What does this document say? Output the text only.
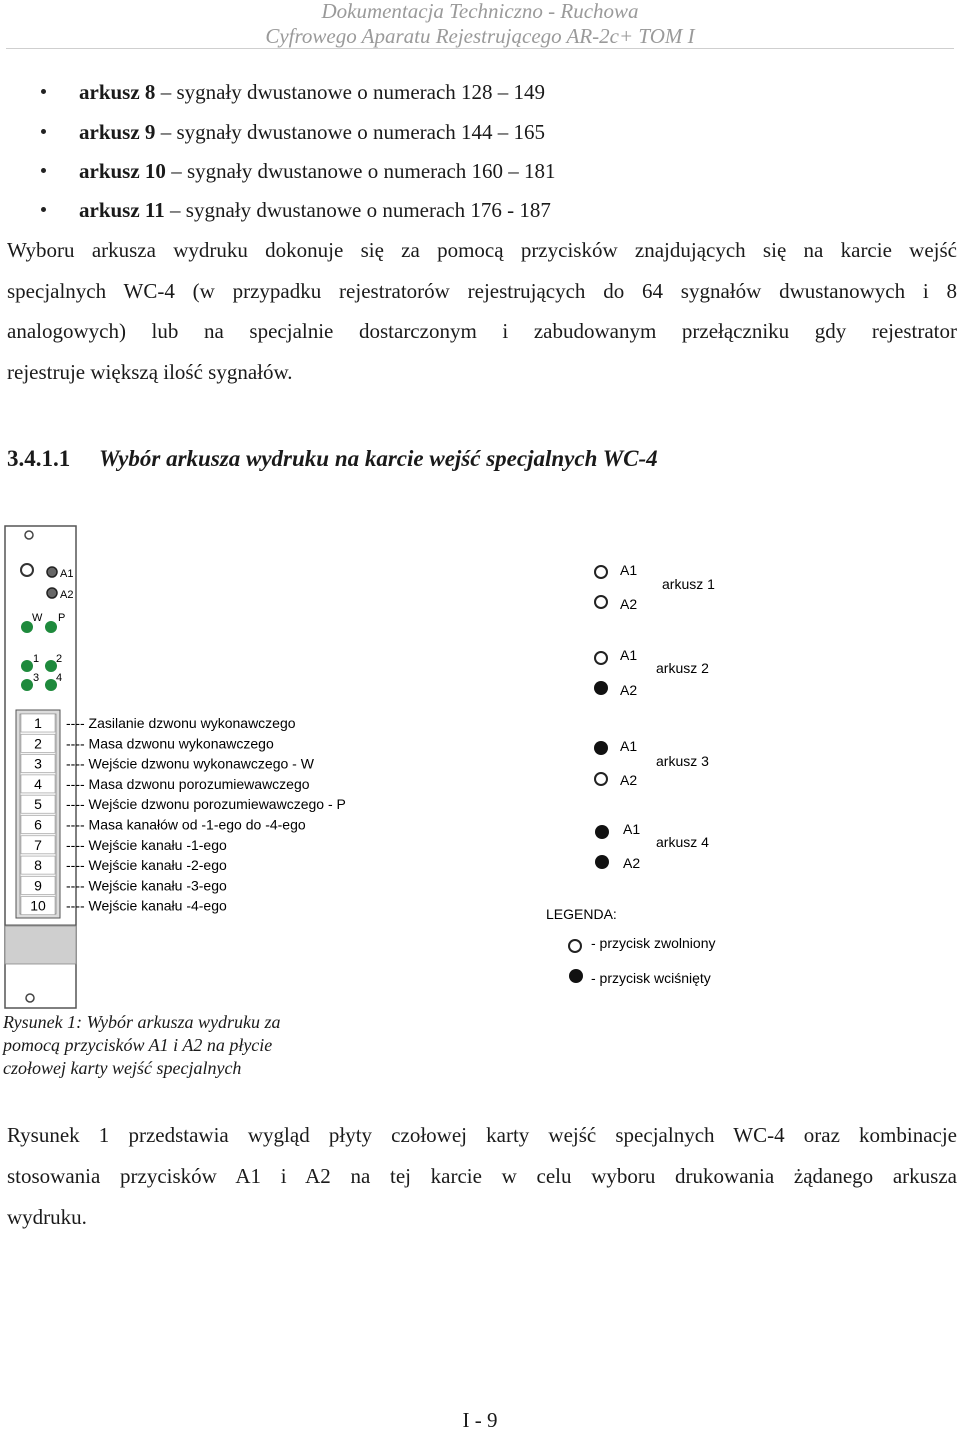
Dokumentacja Techniczno - Ruchowa
Cyfrowego Aparatu Rejestrującego AR-2c+ TOM I
arkusz 8 – sygnały dwustanowe o numerach 128 – 149
arkusz 9 – sygnały dwustanowe o numerach 144 – 165
arkusz 10 – sygnały dwustanowe o numerach 160 – 181
arkusz 11 – sygnały dwustanowe o numerach 176 - 187
Wyboru arkusza wydruku dokonuje się za pomocą przycisków znajdujących się na karcie wejść
specjalnych WC-4 (w przypadku rejestratorów rejestrujących do 64 sygnałów dwustanowych i 8
analogowych) lub na specjalnie dostarczonym i zabudowanym przełączniku gdy rejestrator
rejestruje większą ilość sygnałów.
3.4.1.1 Wybór arkusza wydruku na karcie wejść specjalnych WC-4
A1
A2
W P
1 2
3 4
1 ---- Zasilanie dzwonu wykonawczego
2 ---- Masa dzwonu wykonawczego
3 ---- Wejście dzwonu wykonawczego - W
4 ---- Masa dzwonu porozumiewawczego
5 ---- Wejście dzwonu porozumiewawczego - P
6 ---- Masa kanałów od -1-ego do -4-ego
7 ---- Wejście kanału -1-ego
8 ---- Wejście kanału -2-ego
9 ---- Wejście kanału -3-ego
10 ---- Wejście kanału -4-ego
A1
A2
arkusz 1
A1
A2
arkusz 2
A1
A2
arkusz 3
A1
A2
arkusz 4
LEGENDA:
- przycisk zwolniony
- przycisk wciśnięty
Rysunek 1: Wybór arkusza wydruku za
pomocą przycisków A1 i A2 na płycie
czołowej karty wejść specjalnych
Rysunek 1 przedstawia wygląd płyty czołowej karty wejść specjalnych WC-4 oraz kombinacje
stosowania przycisków A1 i A2 na tej karcie w celu wyboru drukowania żądanego arkusza
wydruku.
I - 9
